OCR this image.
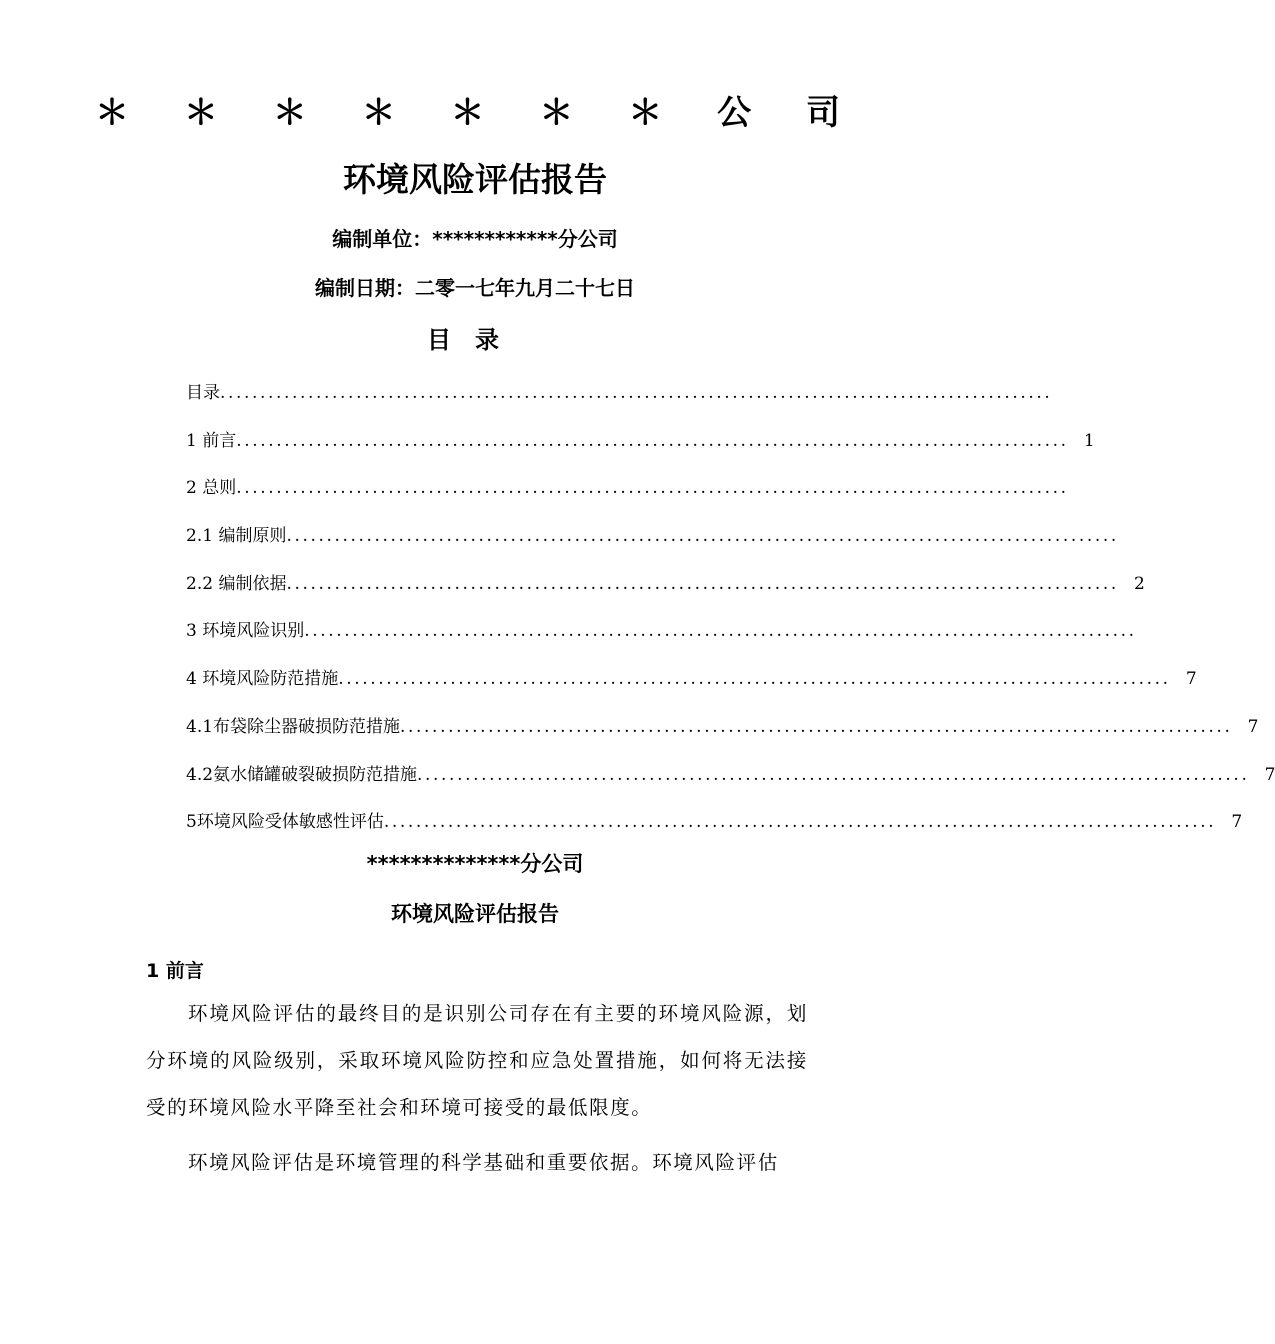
＊ ＊ ＊ ＊ ＊ ＊ ＊ 公 司
环境风险评估报告
编制单位：************分公司
编制日期：二零一七年九月二十七日
目录
目录 ........................................................................................................
1 前言 ........................................................................................................ 1
2 总则 ........................................................................................................
2.1 编制原则 ........................................................................................................
2.2 编制依据 ........................................................................................................ 2
3 环境风险识别 ........................................................................................................
4 环境风险防范措施 ........................................................................................................ 7
4.1布袋除尘器破损防范措施 ........................................................................................................ 7
4.2氨水储罐破裂破损防范措施 ........................................................................................................ 7
5环境风险受体敏感性评估 ........................................................................................................ 7
**************分公司
环境风险评估报告
1 前言
环境风险评估的最终目的是识别公司存在有主要的环境风险源，划分环境的风险级别，采取环境风险防控和应急处置措施，如何将无法接受的环境风险水平降至社会和环境可接受的最低限度。
环境风险评估是环境管理的科学基础和重要依据。环境风险评估
